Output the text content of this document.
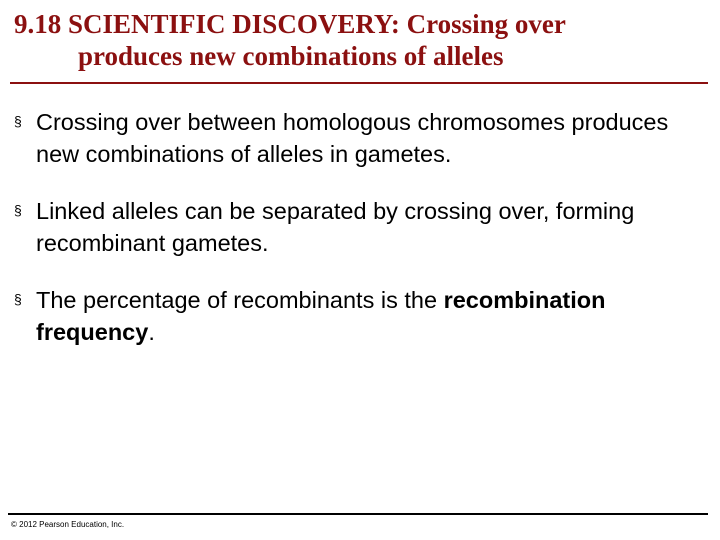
9.18 SCIENTIFIC DISCOVERY: Crossing over
produces new combinations of alleles
§
Crossing over between homologous chromosomes produces new combinations of alleles in gametes.
§
Linked alleles can be separated by crossing over, forming recombinant gametes.
§
The percentage of recombinants is the recombination frequency.
© 2012 Pearson Education, Inc.
